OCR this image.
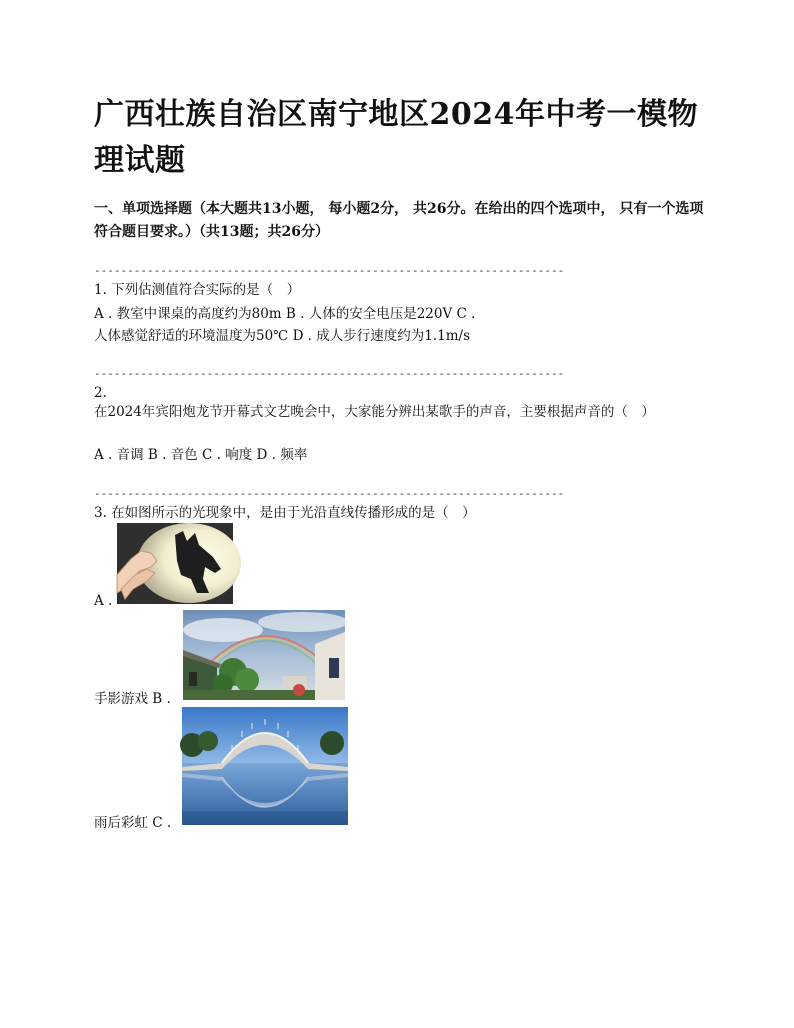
广西壮族自治区南宁地区2024年中考一模物理试题
一、单项选择题（本大题共13小题， 每小题2分， 共26分。在给出的四个选项中， 只有一个选项符合题目要求。）（共13题；共26分）
-----------------------------------------------------------------------
1. 下列估测值符合实际的是（　）
A . 教室中课桌的高度约为80m B . 人体的安全电压是220V C .
人体感觉舒适的环境温度为50℃ D . 成人步行速度约为1.1m/s
-----------------------------------------------------------------------
2.
在2024年宾阳炮龙节开幕式文艺晚会中，大家能分辨出某歌手的声音，主要根据声音的（　）
A . 音调 B . 音色 C . 响度 D . 频率
-----------------------------------------------------------------------
3. 在如图所示的光现象中，是由于光沿直线传播形成的是（　）
A .
手影游戏 B .
雨后彩虹 C .
